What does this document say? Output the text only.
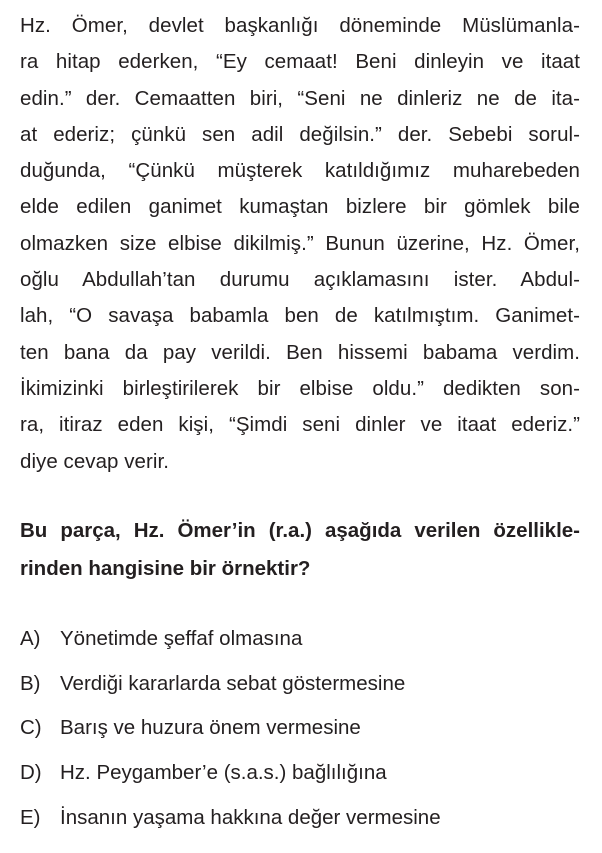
Hz. Ömer, devlet başkanlığı döneminde Müslümanla-
ra hitap ederken, “Ey cemaat! Beni dinleyin ve itaat
edin.” der. Cemaatten biri, “Seni ne dinleriz ne de ita-
at ederiz; çünkü sen adil değilsin.” der. Sebebi sorul-
duğunda, “Çünkü müşterek katıldığımız muharebeden
elde edilen ganimet kumaştan bizlere bir gömlek bile
olmazken size elbise dikilmiş.” Bunun üzerine, Hz. Ömer,
oğlu Abdullah’tan durumu açıklamasını ister. Abdul-
lah, “O savaşa babamla ben de katılmıştım. Ganimet-
ten bana da pay verildi. Ben hissemi babama verdim.
İkimizinki birleştirilerek bir elbise oldu.” dedikten son-
ra, itiraz eden kişi, “Şimdi seni dinler ve itaat ederiz.”
diye cevap verir.
Bu parça, Hz. Ömer’in (r.a.) aşağıda verilen özellikle-
rinden hangisine bir örnektir?
A) Yönetimde şeffaf olmasına
B) Verdiği kararlarda sebat göstermesine
C) Barış ve huzura önem vermesine
D) Hz. Peygamber’e (s.a.s.) bağlılığına
E) İnsanın yaşama hakkına değer vermesine
